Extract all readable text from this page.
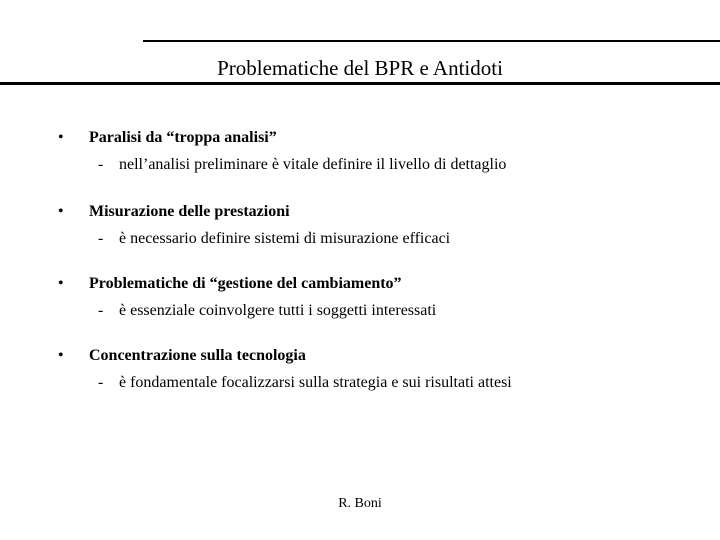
Problematiche del BPR e Antidoti
• Paralisi da “troppa analisi”
- nell’analisi preliminare è vitale definire il livello di dettaglio
• Misurazione delle prestazioni
- è necessario definire sistemi di misurazione efficaci
• Problematiche di “gestione del cambiamento”
- è essenziale coinvolgere tutti i soggetti interessati
• Concentrazione sulla tecnologia
- è fondamentale focalizzarsi sulla strategia e sui risultati attesi
R. Boni
